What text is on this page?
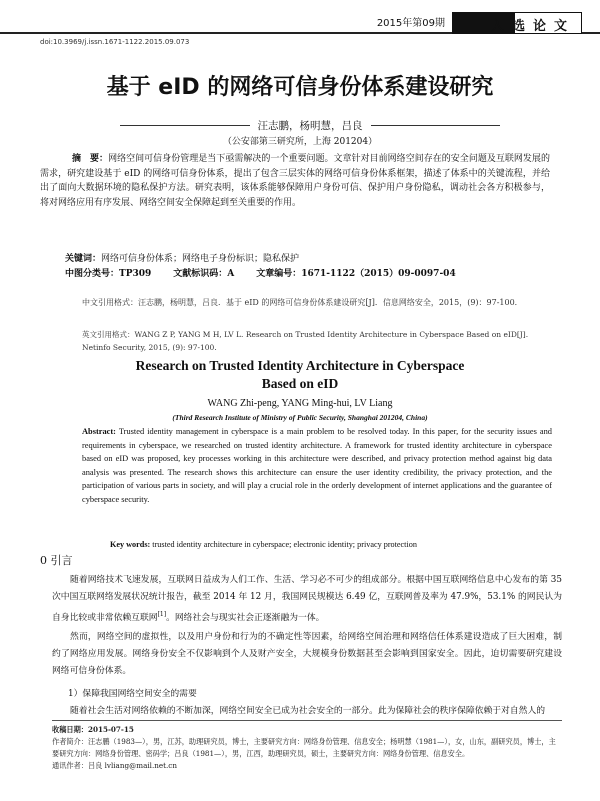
2015年第09期	入选论文
doi:10.3969/j.issn.1671-1122.2015.09.073
基于 eID 的网络可信身份体系建设研究
汪志鹏，杨明慧，吕良
（公安部第三研究所，上海 201204）
摘　要：网络空间可信身份管理是当下亟需解决的一个重要问题。文章针对目前网络空间存在的安全问题及互联网发展的需求，研究建设基于 eID 的网络可信身份体系，提出了包含三层实体的网络可信身份体系框架，描述了体系中的关键流程，并给出了面向大数据环境的隐私保护方法。研究表明，该体系能够保障用户身份可信、保护用户身份隐私，调动社会各方积极参与，将对网络应用有序发展、网络空间安全保障起到至关重要的作用。
关键词：网络可信身份体系；网络电子身份标识；隐私保护
中图分类号：TP309 文献标识码：A 文章编号：1671-1122（2015）09-0097-04
中文引用格式：汪志鹏，杨明慧，吕良．基于 eID 的网络可信身份体系建设研究[J]．信息网络安全，2015，(9)：97-100．
英文引用格式：WANG Z P, YANG M H, LV L. Research on Trusted Identity Architecture in Cyberspace Based on eID[J]. Netinfo Security, 2015, (9): 97-100.
Research on Trusted Identity Architecture in Cyberspace
Based on eID
WANG Zhi-peng, YANG Ming-hui, LV Liang
(Third Research Institute of Ministry of Public Security, Shanghai 201204, China)
Abstract: Trusted identity management in cyberspace is a main problem to be resolved today. In this paper, for the security issues and requirements in cyberspace, we researched on trusted identity architecture. A framework for trusted identity architecture in cyberspace based on eID was proposed, key processes working in this architecture were described, and privacy protection method against big data analysis was presented. The research shows this architecture can ensure the user identity credibility, the privacy protection, and the participation of various parts in society, and will play a crucial role in the orderly development of internet applications and the guarantee of cyberspace security.
Key words: trusted identity architecture in cyberspace; electronic identity; privacy protection
0 引言
随着网络技术飞速发展，互联网日益成为人们工作、生活、学习必不可少的组成部分。根据中国互联网络信息中心发布的第 35 次中国互联网络发展状况统计报告，截至 2014 年 12 月，我国网民规模达 6.49 亿，互联网普及率为 47.9%，53.1% 的网民认为自身比较或非常依赖互联网[1]。网络社会与现实社会正逐渐融为一体。
然而，网络空间的虚拟性，以及用户身份和行为的不确定性等因素，给网络空间治理和网络信任体系建设造成了巨大困难，制约了网络应用发展。网络身份安全不仅影响到个人及财产安全，大规模身份数据甚至会影响到国家安全。因此，迫切需要研究建设网络可信身份体系。
1）保障我国网络空间安全的需要
随着社会生活对网络依赖的不断加深，网络空间安全已成为社会安全的一部分。此为保障社会的秩序保障依赖于对自然人的
收稿日期：2015-07-15
作者简介：汪志鹏（1983—），男，江苏，助理研究员，博士，主要研究方向：网络身份管理、信息安全；杨明慧（1981—），女，山东，副研究员，博士，主要研究方向：网络身份管理、密码学；吕良（1981—），男，江西，助理研究员，硕士，主要研究方向：网络身份管理、信息安全。
通讯作者：吕良 lvliang@mail.net.cn
